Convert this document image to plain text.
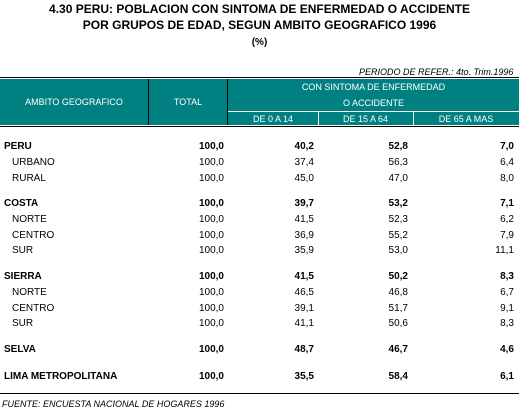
4.30 PERU: POBLACION CON SINTOMA DE ENFERMEDAD O ACCIDENTE
POR GRUPOS DE EDAD, SEGUN AMBITO GEOGRAFICO 1996
(%)
PERIODO DE REFER.: 4to. Trim.1996
AMBITO GEOGRAFICO	TOTAL
CON SINTOMA DE ENFERMEDAD
O ACCIDENTE
DE 0 A 14	DE 15 A 64	DE 65 A MAS
PERU	100,0	40,2	52,8	7,0
URBANO	100,0	37,4	56,3	6,4
RURAL	100,0	45,0	47,0	8,0
COSTA	100,0	39,7	53,2	7,1
NORTE	100,0	41,5	52,3	6,2
CENTRO	100,0	36,9	55,2	7,9
SUR	100,0	35,9	53,0	11,1
SIERRA	100,0	41,5	50,2	8,3
NORTE	100,0	46,5	46,8	6,7
CENTRO	100,0	39,1	51,7	9,1
SUR	100,0	41,1	50,6	8,3
SELVA	100,0	48,7	46,7	4,6
LIMA METROPOLITANA	100,0	35,5	58,4	6,1
FUENTE: ENCUESTA NACIONAL DE HOGARES 1996
